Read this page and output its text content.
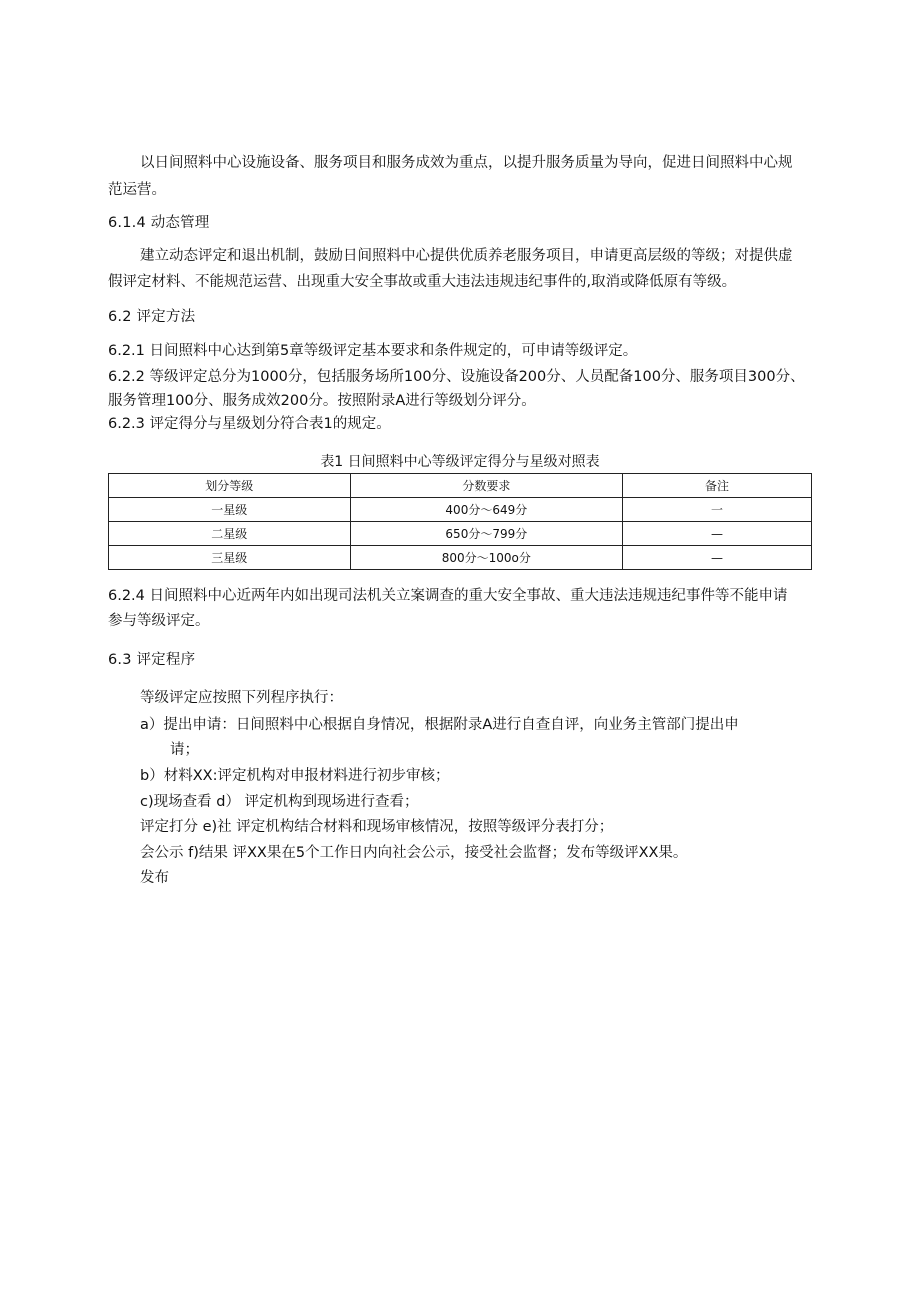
以日间照料中心设施设备、服务项目和服务成效为重点，以提升服务质量为导向，促进日间照料中心规
范运营。
6.1.4 动态管理
建立动态评定和退出机制，鼓励日间照料中心提供优质养老服务项目，申请更高层级的等级；对提供虚
假评定材料、不能规范运营、出现重大安全事故或重大违法违规违纪事件的,取消或降低原有等级。
6.2 评定方法
6.2.1 日间照料中心达到第5章等级评定基本要求和条件规定的，可申请等级评定。
6.2.2 等级评定总分为1000分，包括服务场所100分、设施设备200分、人员配备100分、服务项目300分、
服务管理100分、服务成效200分。按照附录A进行等级划分评分。
6.2.3 评定得分与星级划分符合表1的规定。
表1 日间照料中心等级评定得分与星级对照表
划分等级	分数要求	备注
一星级	400分～649分	一
二星级	650分～799分	—
三星级	800分～100o分	—
6.2.4 日间照料中心近两年内如出现司法机关立案调查的重大安全事故、重大违法违规违纪事件等不能申请
参与等级评定。
6.3 评定程序
等级评定应按照下列程序执行：
a）提出申请：日间照料中心根据自身情况，根据附录A进行自查自评，向业务主管部门提出申
请；
b）材料XX:评定机构对申报材料进行初步审核；
c)现场查看 d） 评定机构到现场进行查看；
评定打分 e)社 评定机构结合材料和现场审核情况，按照等级评分表打分；
会公示 f)结果 评XX果在5个工作日内向社会公示，接受社会监督；发布等级评XX果。
发布
